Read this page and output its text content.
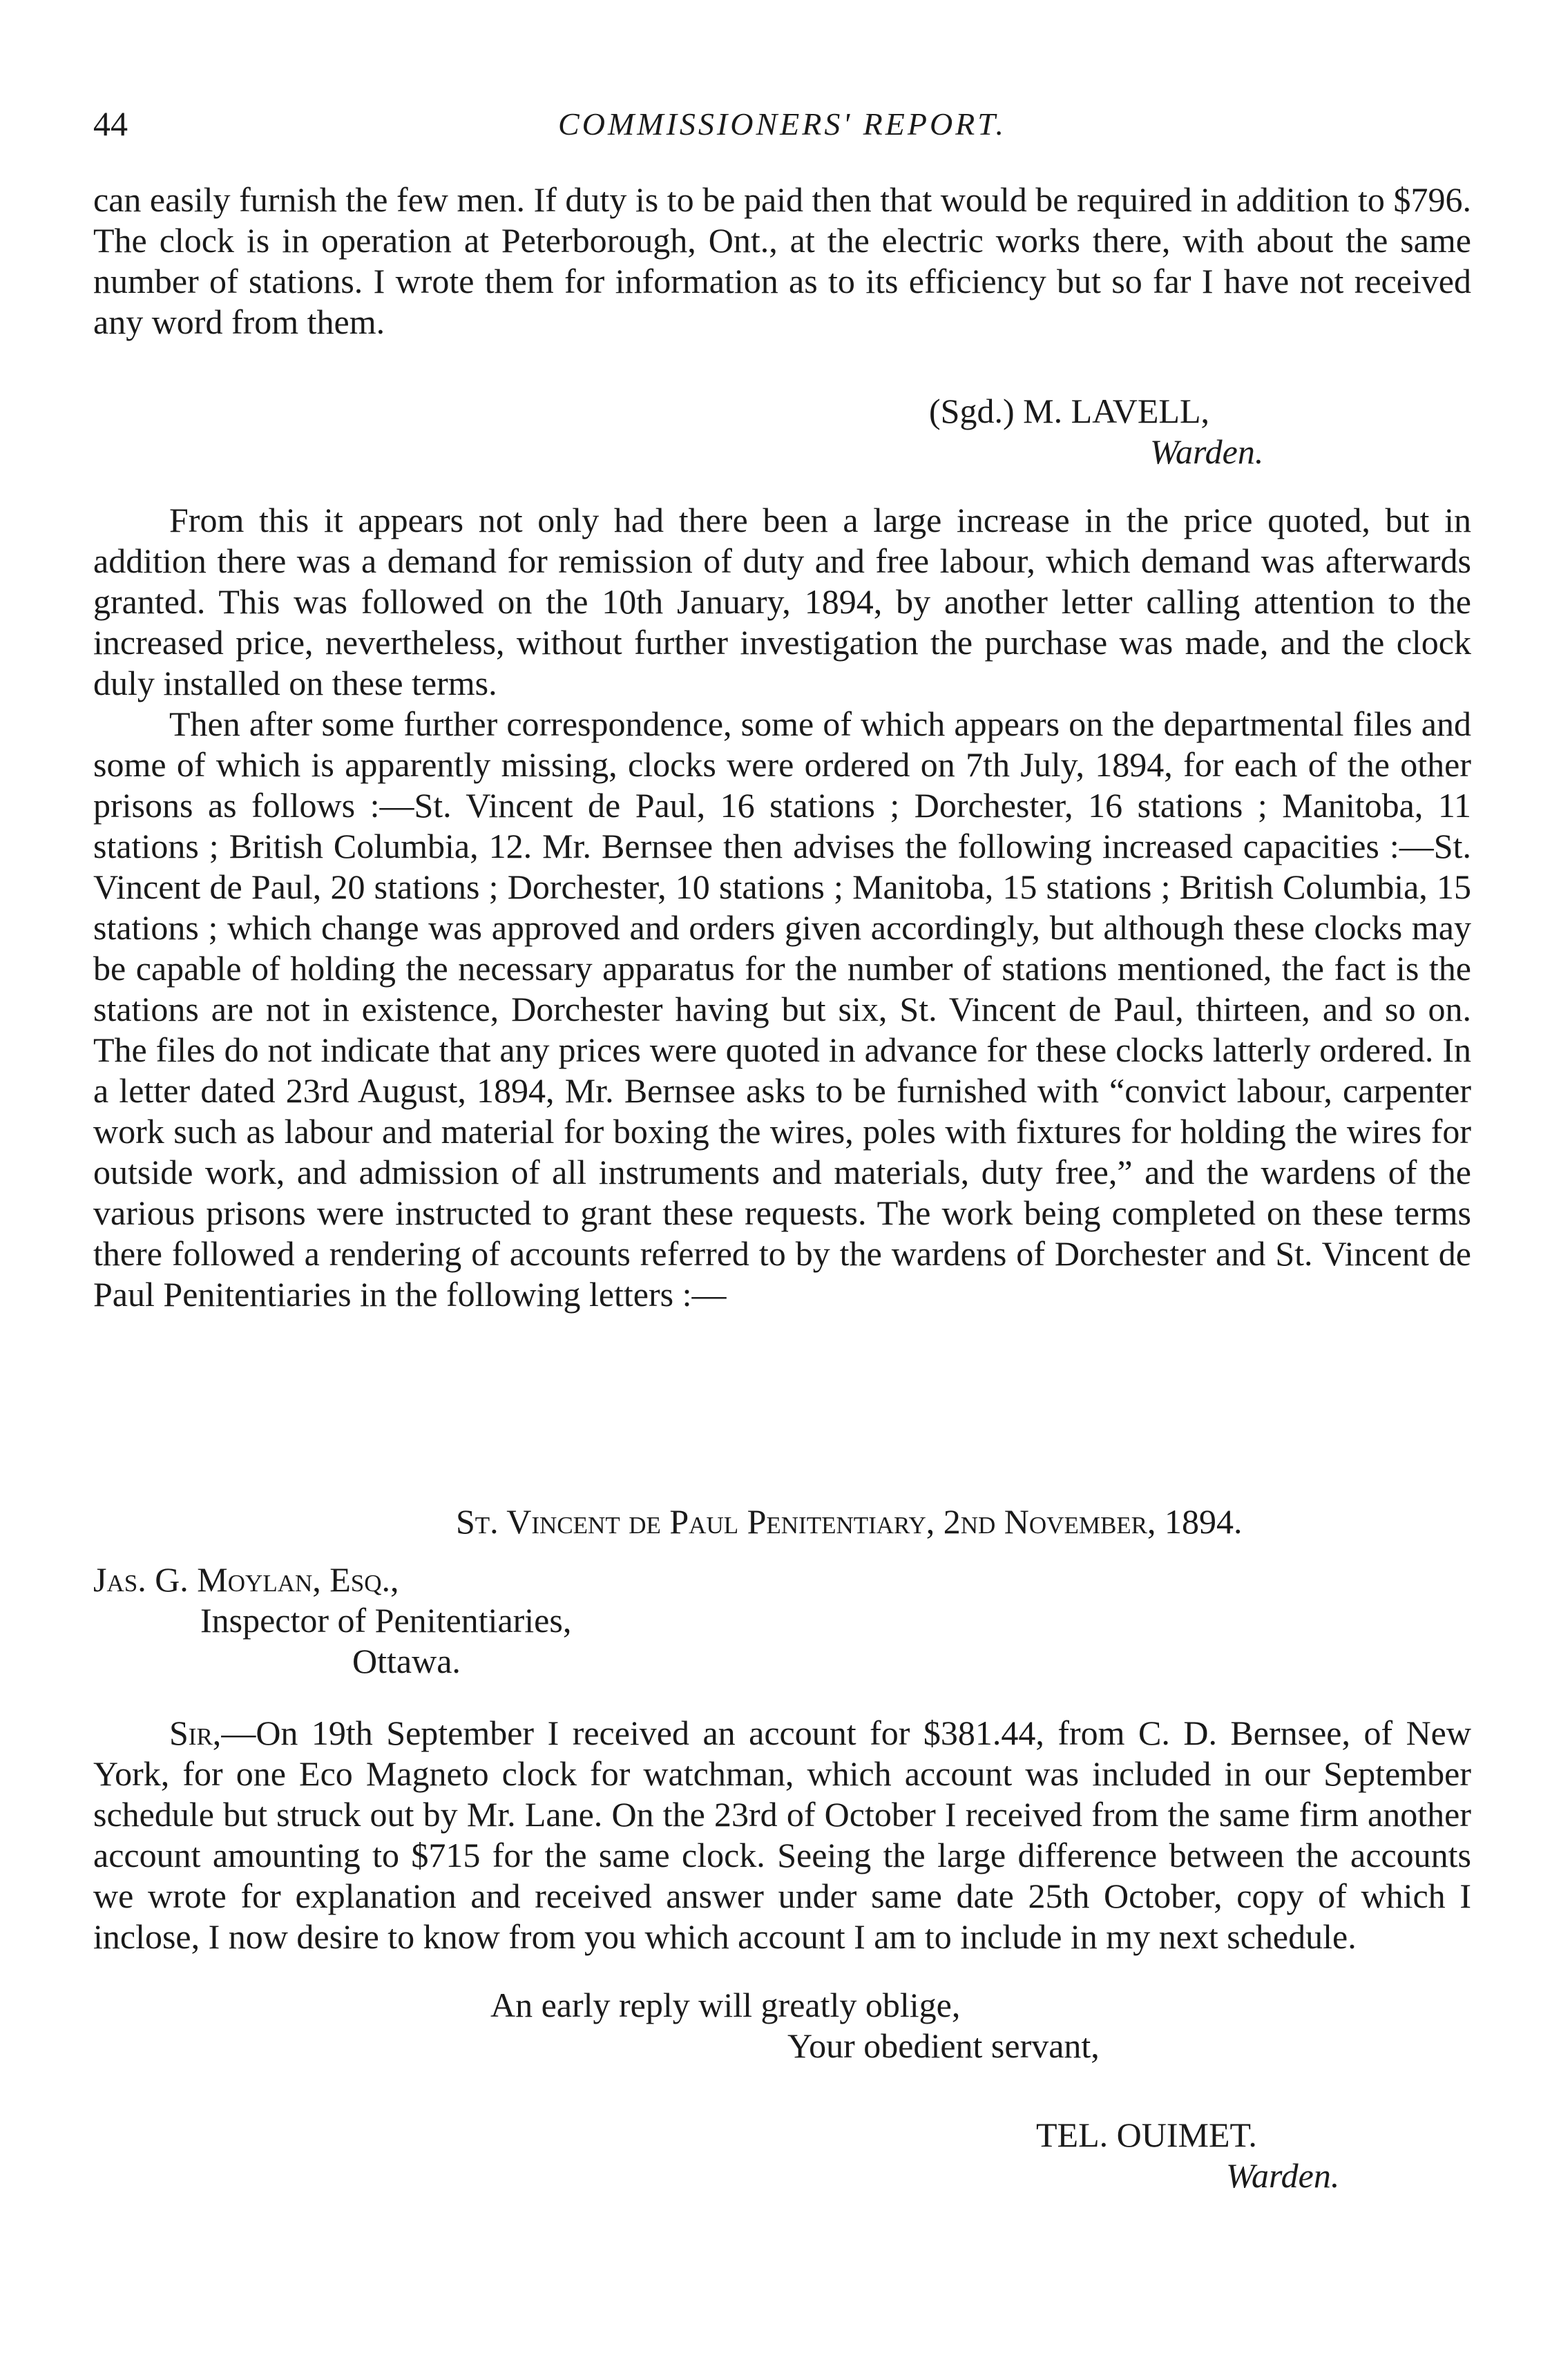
44	COMMISSIONERS' REPORT.

can easily furnish the few men. If duty is to be paid then that would be required in addition to $796. The clock is in operation at Peterborough, Ont., at the electric works there, with about the same number of stations. I wrote them for information as to its efficiency but so far I have not received any word from them.

(Sgd.) M. LAVELL,
Warden.

From this it appears not only had there been a large increase in the price quoted, but in addition there was a demand for remission of duty and free labour, which demand was afterwards granted. This was followed on the 10th January, 1894, by another letter calling attention to the increased price, nevertheless, without further investigation the purchase was made, and the clock duly installed on these terms.

Then after some further correspondence, some of which appears on the departmental files and some of which is apparently missing, clocks were ordered on 7th July, 1894, for each of the other prisons as follows :—St. Vincent de Paul, 16 stations ; Dorchester, 16 stations ; Manitoba, 11 stations ; British Columbia, 12. Mr. Bernsee then advises the following increased capacities :—St. Vincent de Paul, 20 stations ; Dorchester, 10 stations ; Manitoba, 15 stations ; British Columbia, 15 stations ; which change was approved and orders given accordingly, but although these clocks may be capable of holding the necessary apparatus for the number of stations mentioned, the fact is the stations are not in existence, Dorchester having but six, St. Vincent de Paul, thirteen, and so on. The files do not indicate that any prices were quoted in advance for these clocks latterly ordered. In a letter dated 23rd August, 1894, Mr. Bernsee asks to be furnished with “convict labour, carpenter work such as labour and material for boxing the wires, poles with fixtures for holding the wires for outside work, and admission of all instruments and materials, duty free,” and the wardens of the various prisons were instructed to grant these requests. The work being completed on these terms there followed a rendering of accounts referred to by the wardens of Dorchester and St. Vincent de Paul Penitentiaries in the following letters :—

St. Vincent de Paul Penitentiary, 2nd November, 1894.
Jas. G. Moylan, Esq.,
Inspector of Penitentiaries,
Ottawa.

Sir,—On 19th September I received an account for $381.44, from C. D. Bernsee, of New York, for one Eco Magneto clock for watchman, which account was included in our September schedule but struck out by Mr. Lane. On the 23rd of October I received from the same firm another account amounting to $715 for the same clock. Seeing the large difference between the accounts we wrote for explanation and received answer under same date 25th October, copy of which I inclose, I now desire to know from you which account I am to include in my next schedule.

An early reply will greatly oblige,
Your obedient servant,
TEL. OUIMET.
Warden.
